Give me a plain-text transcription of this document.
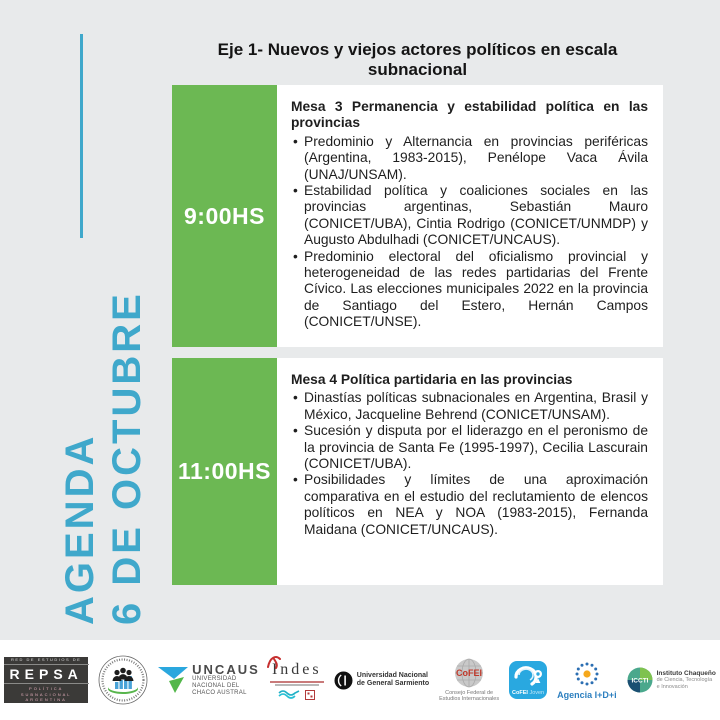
AGENDA
6 DE OCTUBRE
Eje 1- Nuevos y viejos actores políticos en escala subnacional
9:00HS
Mesa 3 Permanencia y estabilidad política en las provincias
• Predominio y Alternancia en provincias periféricas (Argentina, 1983-2015), Penélope Vaca Ávila (UNAJ/UNSAM).
• Estabilidad política y coaliciones sociales en las provincias argentinas, Sebastián Mauro (CONICET/UBA), Cintia Rodrigo (CONICET/UNMDP) y Augusto Abdulhadi (CONICET/UNCAUS).
• Predominio electoral del oficialismo provincial y heterogeneidad de las redes partidarias del Frente Cívico. Las elecciones municipales 2022 en la provincia de Santiago del Estero, Hernán Campos (CONICET/UNSE).
11:00HS
Mesa 4 Política partidaria en las provincias
• Dinastías políticas subnacionales en Argentina, Brasil y México, Jacqueline Behrend (CONICET/UNSAM).
• Sucesión y disputa por el liderazgo en el peronismo de la provincia de Santa Fe (1995-1997), Cecilia Lascurain (CONICET/UBA).
• Posibilidades y límites de una aproximación comparativa en el estudio del reclutamiento de elencos políticos en NEA y NOA (1983-2015), Fernanda Maidana (CONICET/UNCAUS).
RED DE ESTUDIOS DE
REPSA
POLÍTICA
SUBNACIONAL
ARGENTINA
UNCAUS
UNIVERSIDAD
NACIONAL DEL
CHACO AUSTRAL
Indes	Universidad Nacional
de General Sarmiento
CoFEI
Consejo Federal de
Estudios Internacionales
CoFEI Joven Agencia I+D+i
ICCTI
Instituto Chaqueño
de Ciencia, Tecnología
e Innovación
